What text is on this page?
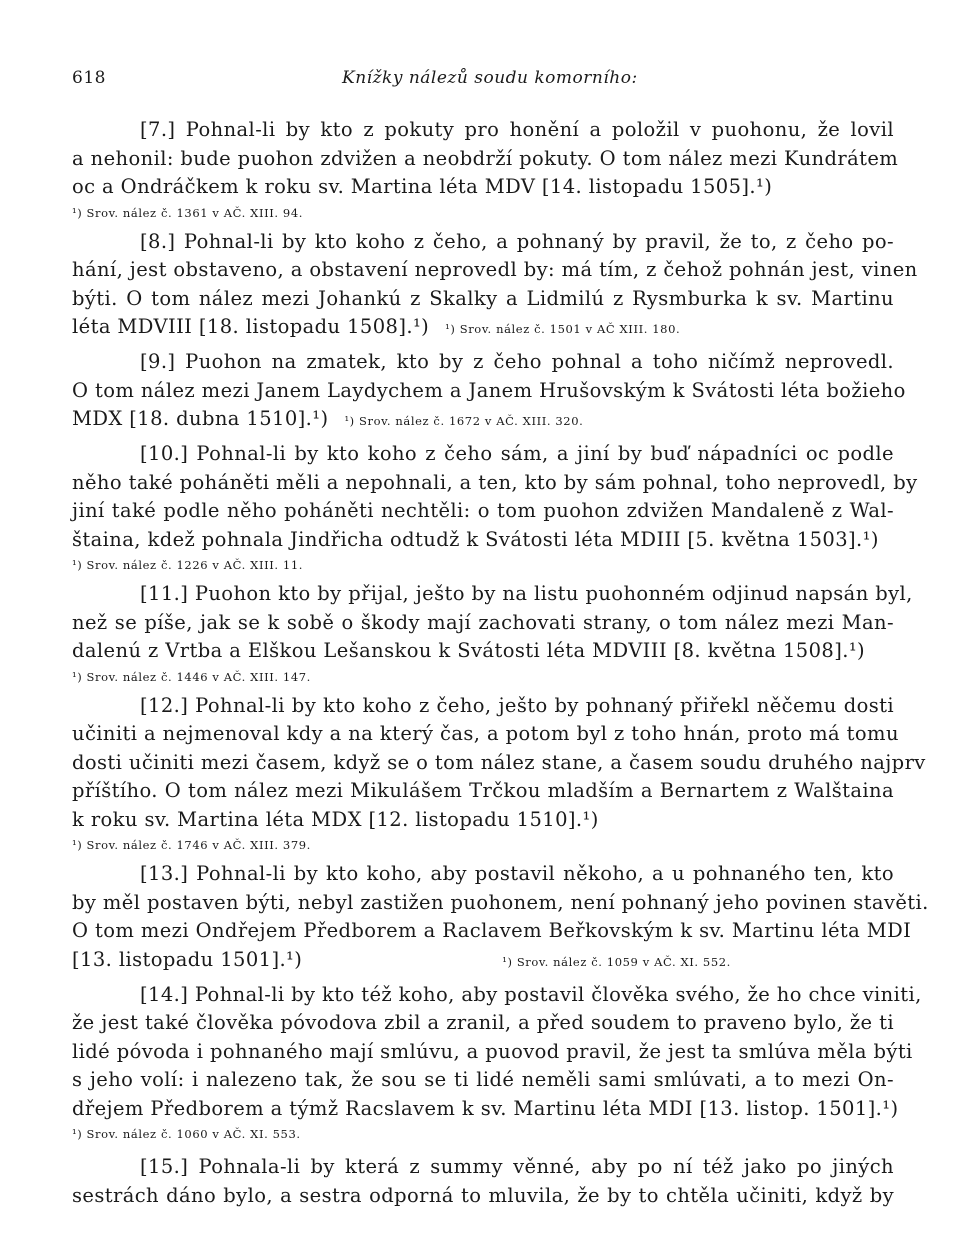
618	Knížky nálezů soudu komorního:

[7.] Pohnal-li by kto z pokuty pro honění a položil v puohonu, že lovil
a nehonil: bude puohon zdvižen a neobdrží pokuty. O tom nález mezi Kundrátem
oc a Ondráčkem k roku sv. Martina léta MDV [14. listopadu 1505].¹)

¹) Srov. nález č. 1361 v AČ. XIII. 94.

[8.] Pohnal-li by kto koho z čeho, a pohnaný by pravil, že to, z čeho po-
hání, jest obstaveno, a obstavení neprovedl by: má tím, z čehož pohnán jest, vinen
býti. O tom nález mezi Johankú z Skalky a Lidmilú z Rysmburka k sv. Martinu
léta MDVIII [18. listopadu 1508].¹) ¹) Srov. nález č. 1501 v AČ XIII. 180.

[9.] Puohon na zmatek, kto by z čeho pohnal a toho ničímž neprovedl.
O tom nález mezi Janem Laydychem a Janem Hrušovským k Svátosti léta božieho
MDX [18. dubna 1510].¹) ¹) Srov. nález č. 1672 v AČ. XIII. 320.

[10.] Pohnal-li by kto koho z čeho sám, a jiní by buď nápadníci oc podle
něho také poháněti měli a nepohnali, a ten, kto by sám pohnal, toho neprovedl, by
jiní také podle něho poháněti nechtěli: o tom puohon zdvižen Mandaleně z Wal-
štaina, kdež pohnala Jindřicha odtudž k Svátosti léta MDIII [5. května 1503].¹)

¹) Srov. nález č. 1226 v AČ. XIII. 11.

[11.] Puohon kto by přijal, ješto by na listu puohonném odjinud napsán byl,
než se píše, jak se k sobě o škody mají zachovati strany, o tom nález mezi Man-
dalenú z Vrtba a Elškou Lešanskou k Svátosti léta MDVIII [8. května 1508].¹)

¹) Srov. nález č. 1446 v AČ. XIII. 147.

[12.] Pohnal-li by kto koho z čeho, ješto by pohnaný přiřekl něčemu dosti
učiniti a nejmenoval kdy a na který čas, a potom byl z toho hnán, proto má tomu
dosti učiniti mezi časem, když se o tom nález stane, a časem soudu druhého najprv
příštího. O tom nález mezi Mikulášem Trčkou mladším a Bernartem z Walštaina
k roku sv. Martina léta MDX [12. listopadu 1510].¹)

¹) Srov. nález č. 1746 v AČ. XIII. 379.

[13.] Pohnal-li by kto koho, aby postavil někoho, a u pohnaného ten, kto
by měl postaven býti, nebyl zastižen puohonem, není pohnaný jeho povinen stavěti.
O tom mezi Ondřejem Předborem a Raclavem Beřkovským k sv. Martinu léta MDI
[13. listopadu 1501].¹)	¹) Srov. nález č. 1059 v AČ. XI. 552.

[14.] Pohnal-li by kto též koho, aby postavil člověka svého, že ho chce viniti,
že jest také člověka póvodova zbil a zranil, a před soudem to praveno bylo, že ti
lidé póvoda i pohnaného mají smlúvu, a puovod pravil, že jest ta smlúva měla býti
s jeho volí: i nalezeno tak, že sou se ti lidé neměli sami smlúvati, a to mezi On-
dřejem Předborem a týmž Racslavem k sv. Martinu léta MDI [13. listop. 1501].¹)

¹) Srov. nález č. 1060 v AČ. XI. 553.

[15.] Pohnala-li by která z summy věnné, aby po ní též jako po jiných
sestrách dáno bylo, a sestra odporná to mluvila, že by to chtěla učiniti, když by
